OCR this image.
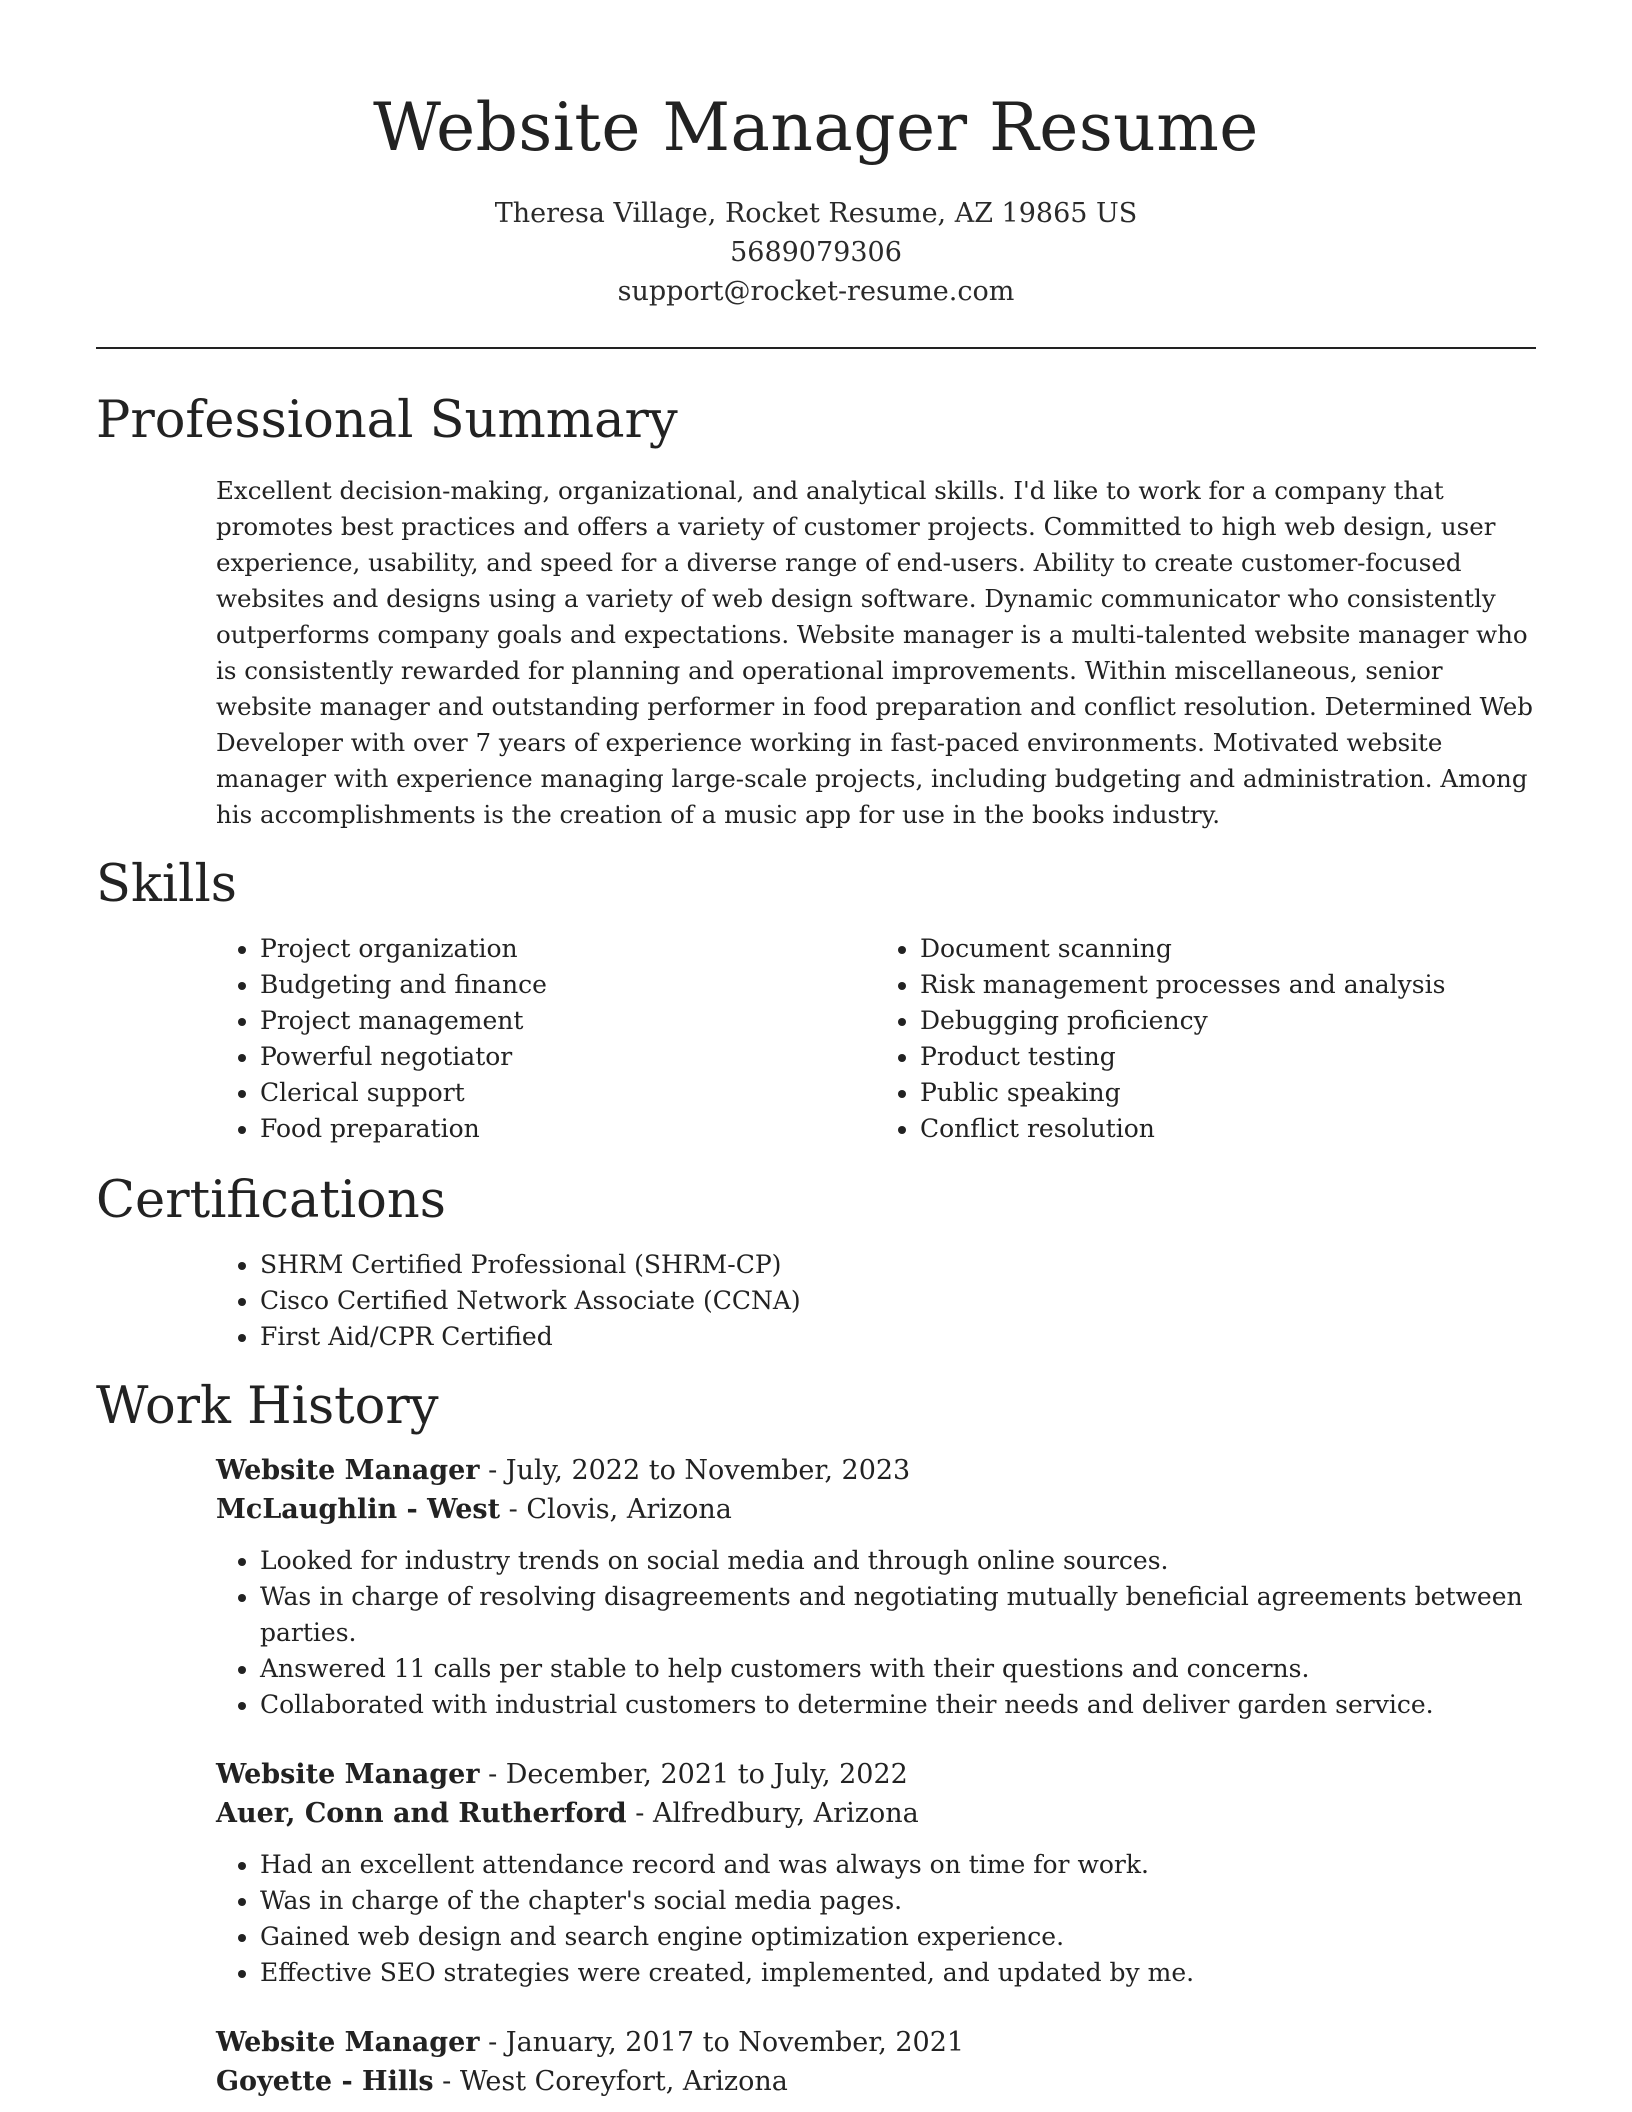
Website Manager Resume
Theresa Village, Rocket Resume, AZ 19865 US
5689079306
support@rocket-resume.com
Professional Summary

Excellent decision-making, organizational, and analytical skills. I'd like to work for a company that promotes best practices and offers a variety of customer projects. Committed to high web design, user experience, usability, and speed for a diverse range of end-users. Ability to create customer-focused websites and designs using a variety of web design software. Dynamic communicator who consistently outperforms company goals and expectations. Website manager is a multi-talented website manager who is consistently rewarded for planning and operational improvements. Within miscellaneous, senior website manager and outstanding performer in food preparation and conflict resolution. Determined Web Developer with over 7 years of experience working in fast-paced environments. Motivated website manager with experience managing large-scale projects, including budgeting and administration. Among his accomplishments is the creation of a music app for use in the books industry.

Skills
• Project organization
• Budgeting and finance
• Project management
• Powerful negotiator
• Clerical support
• Food preparation
• Document scanning
• Risk management processes and analysis
• Debugging proficiency
• Product testing
• Public speaking
• Conflict resolution
Certifications
• SHRM Certified Professional (SHRM-CP)
• Cisco Certified Network Associate (CCNA)
• First Aid/CPR Certified
Work History
Website Manager - July, 2022 to November, 2023
McLaughlin - West - Clovis, Arizona
• Looked for industry trends on social media and through online sources.
• Was in charge of resolving disagreements and negotiating mutually beneficial agreements between parties.
• Answered 11 calls per stable to help customers with their questions and concerns.
• Collaborated with industrial customers to determine their needs and deliver garden service.
Website Manager - December, 2021 to July, 2022
Auer, Conn and Rutherford - Alfredbury, Arizona
• Had an excellent attendance record and was always on time for work.
• Was in charge of the chapter's social media pages.
• Gained web design and search engine optimization experience.
• Effective SEO strategies were created, implemented, and updated by me.
Website Manager - January, 2017 to November, 2021
Goyette - Hills - West Coreyfort, Arizona
